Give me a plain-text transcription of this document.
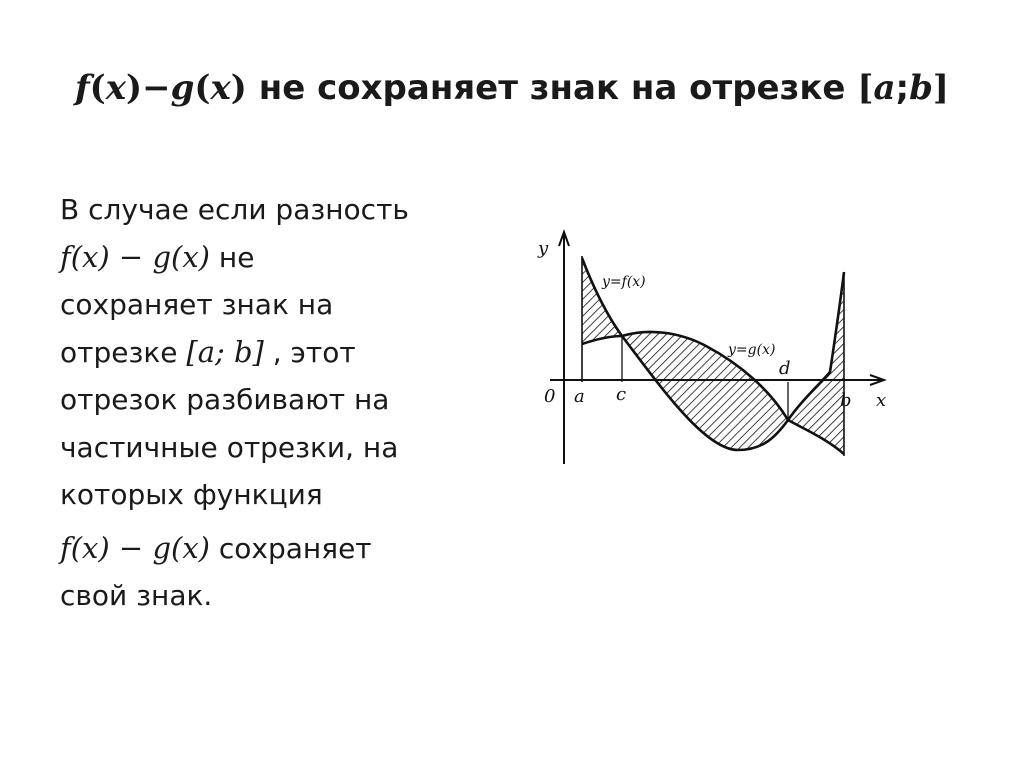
f(x)−g(x) не сохраняет знак на отрезке [a;b]
В случае если разность
f(x) − g(x) не
сохраняет знак на
отрезке [a; b] , этот
отрезок разбивают на
частичные отрезки, на
которых функция
f(x) − g(x) сохраняет
свой знак.
y
x
0 a c
d
b
y=f(x)
y=g(x)
